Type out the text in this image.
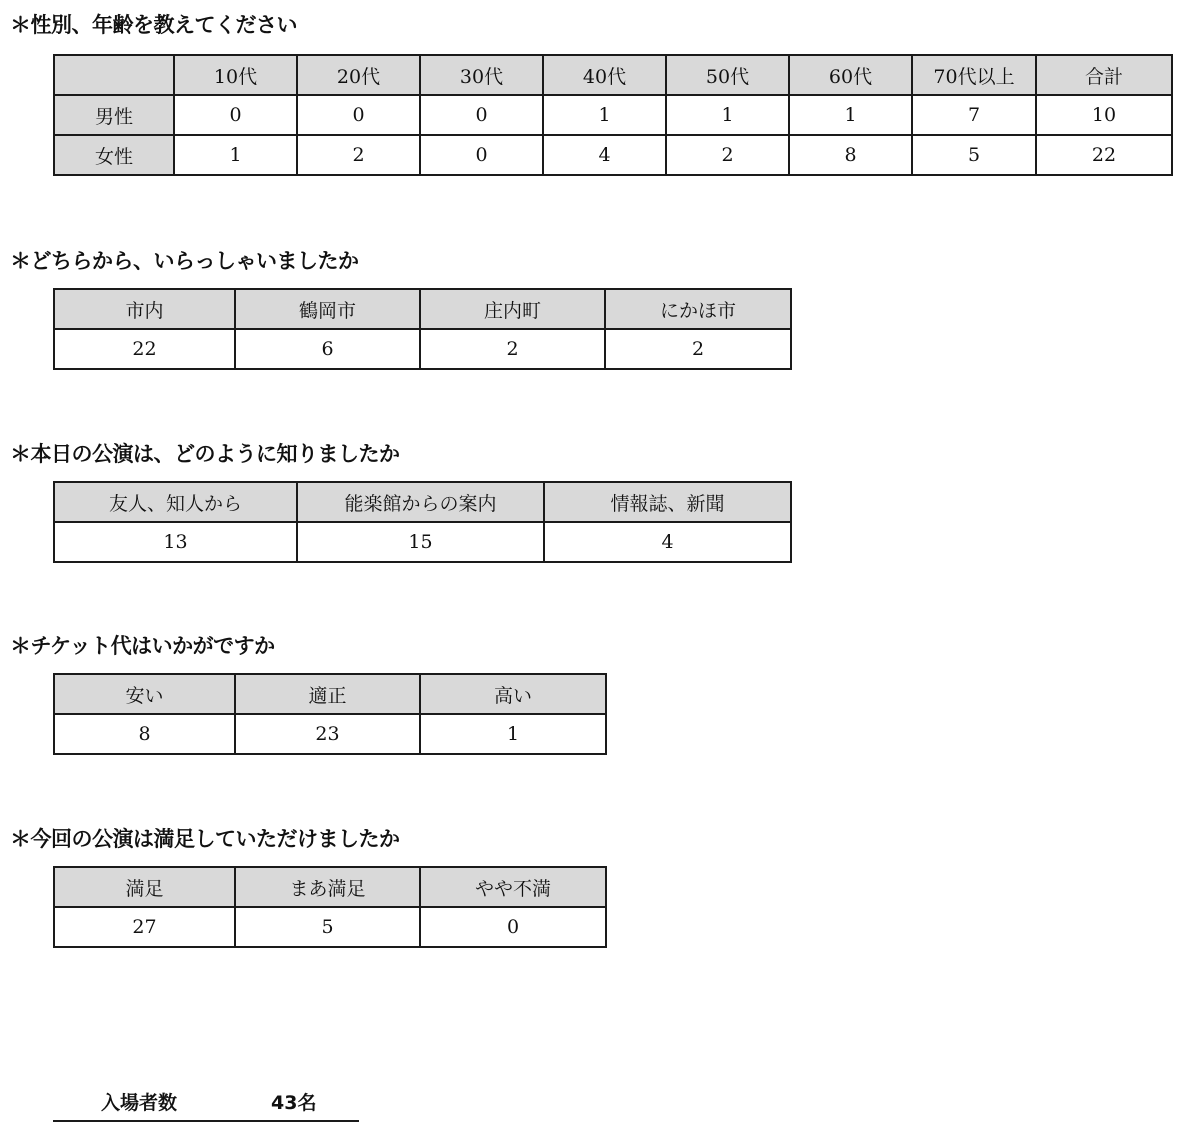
＊性別、年齢を教えてください
	10代	20代	30代	40代	50代	60代	70代以上	合計
男性	0	0	0	1	1	1	7	10
女性	1	2	0	4	2	8	5	22
＊どちらから、いらっしゃいましたか
市内	鶴岡市	庄内町	にかほ市
22	6	2	2
＊本日の公演は、どのように知りましたか
友人、知人から	能楽館からの案内	情報誌、新聞
13	15	4
＊チケット代はいかがですか
安い	適正	高い
8	23	1
＊今回の公演は満足していただけましたか
満足	まあ満足	やや不満
27	5	0
入場者数	43名
